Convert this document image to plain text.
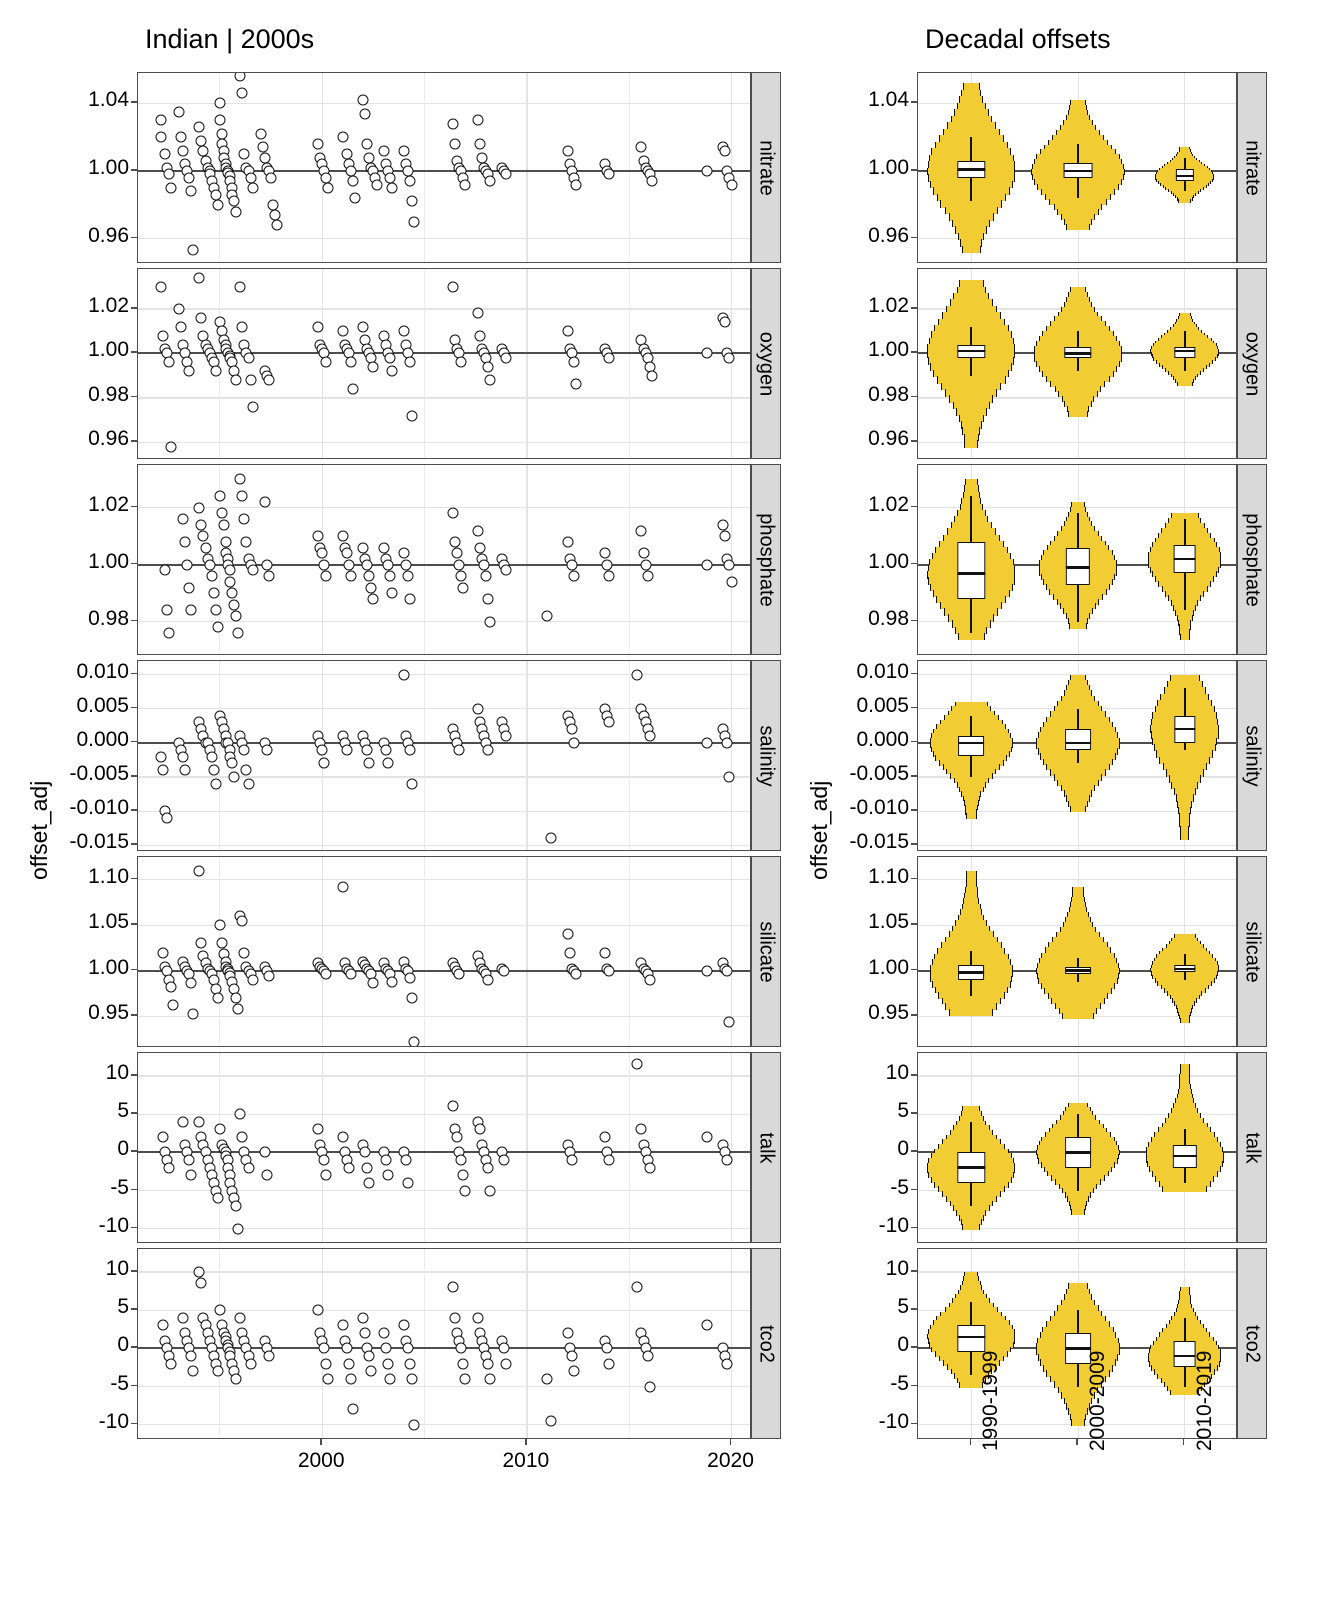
Indian | 2000s	Decadal offsets
offset_adj	offset_adj
nitrate
1.04
1.00
0.96
nitrate
1.04
1.00
0.96
oxygen
1.02
1.00
0.98
0.96
oxygen
1.02
1.00
0.98
0.96
phosphate
1.02
1.00
0.98
phosphate
1.02
1.00
0.98
salinity
0.010
0.005
0.000
-0.005
-0.010
-0.015
salinity
0.010
0.005
0.000
-0.005
-0.010
-0.015
silicate
1.10
1.05
1.00
0.95
silicate
1.10
1.05
1.00
0.95
talk
10
5
0
-5
-10
talk
10
5
0
-5
-10
tco2
10
5
0
-5
-10
tco2
10
5
0
-5
-10
2000	2010	2020
1990-1999	2000-2009	2010-2019
